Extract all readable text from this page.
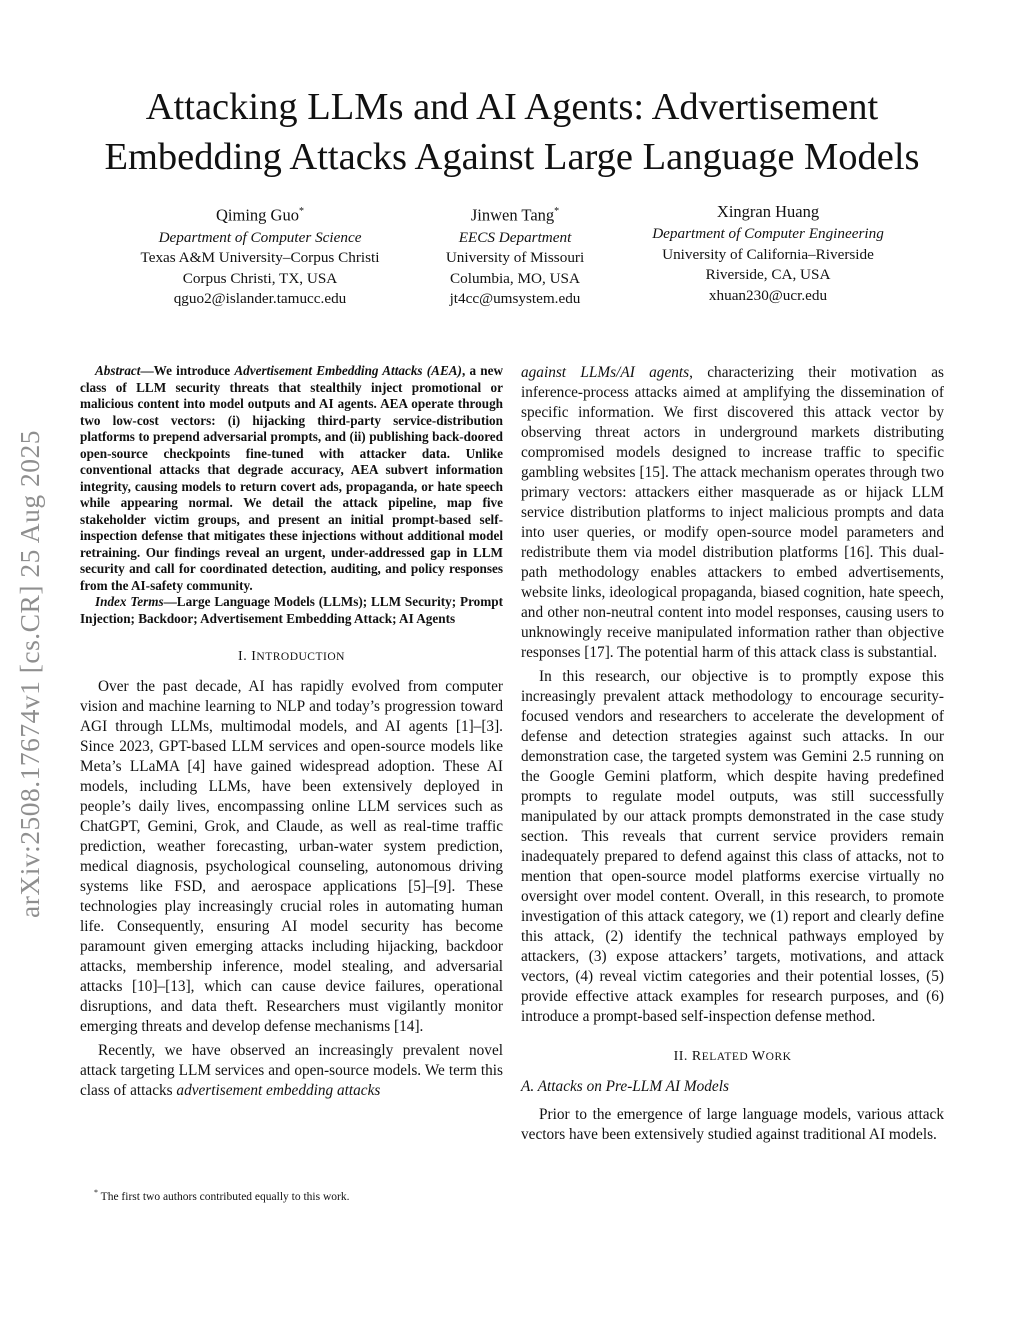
arXiv:2508.17674v1 [cs.CR] 25 Aug 2025
Attacking LLMs and AI Agents: Advertisement
Embedding Attacks Against Large Language Models
Qiming Guo*
Department of Computer Science
Texas A&M University–Corpus Christi
Corpus Christi, TX, USA
qguo2@islander.tamucc.edu
Jinwen Tang*
EECS Department
University of Missouri
Columbia, MO, USA
jt4cc@umsystem.edu
Xingran Huang
Department of Computer Engineering
University of California–Riverside
Riverside, CA, USA
xhuan230@ucr.edu

Abstract—We introduce Advertisement Embedding Attacks (AEA), a new class of LLM security threats that stealthily inject promotional or malicious content into model outputs and AI agents. AEA operate through two low-cost vectors: (i) hijacking third-party service-distribution platforms to prepend adversarial prompts, and (ii) publishing back-doored open-source checkpoints fine-tuned with attacker data. Unlike conventional attacks that degrade accuracy, AEA subvert information integrity, causing models to return covert ads, propaganda, or hate speech while appearing normal. We detail the attack pipeline, map five stakeholder victim groups, and present an initial prompt-based self-inspection defense that mitigates these injections without additional model retraining. Our findings reveal an urgent, under-addressed gap in LLM security and call for coordinated detection, auditing, and policy responses from the AI-safety community.

Index Terms—Large Language Models (LLMs); LLM Security; Prompt Injection; Backdoor; Advertisement Embedding Attack; AI Agents

I. INTRODUCTION

Over the past decade, AI has rapidly evolved from computer vision and machine learning to NLP and today’s progression toward AGI through LLMs, multimodal models, and AI agents [1]–[3]. Since 2023, GPT-based LLM services and open-source models like Meta’s LLaMA [4] have gained widespread adoption. These AI models, including LLMs, have been extensively deployed in people’s daily lives, encompassing online LLM services such as ChatGPT, Gemini, Grok, and Claude, as well as real-time traffic prediction, weather forecasting, urban-water system prediction, medical diagnosis, psychological counseling, autonomous driving systems like FSD, and aerospace applications [5]–[9]. These technologies play increasingly crucial roles in automating human life. Consequently, ensuring AI model security has become paramount given emerging attacks including hijacking, backdoor attacks, membership inference, model stealing, and adversarial attacks [10]–[13], which can cause device failures, operational disruptions, and data theft. Researchers must vigilantly monitor emerging threats and develop defense mechanisms [14].

Recently, we have observed an increasingly prevalent novel attack targeting LLM services and open-source models. We term this class of attacks advertisement embedding attacks

* The first two authors contributed equally to this work.

against LLMs/AI agents, characterizing their motivation as inference-process attacks aimed at amplifying the dissemination of specific information. We first discovered this attack vector by observing threat actors in underground markets distributing compromised models designed to increase traffic to specific gambling websites [15]. The attack mechanism operates through two primary vectors: attackers either masquerade as or hijack LLM service distribution platforms to inject malicious prompts and data into user queries, or modify open-source model parameters and redistribute them via model distribution platforms [16]. This dual-path methodology enables attackers to embed advertisements, website links, ideological propaganda, biased cognition, hate speech, and other non-neutral content into model responses, causing users to unknowingly receive manipulated information rather than objective responses [17]. The potential harm of this attack class is substantial.

In this research, our objective is to promptly expose this increasingly prevalent attack methodology to encourage security-focused vendors and researchers to accelerate the development of defense and detection strategies against such attacks. In our demonstration case, the targeted system was Gemini 2.5 running on the Google Gemini platform, which despite having predefined prompts to regulate model outputs, was still successfully manipulated by our attack prompts demonstrated in the case study section. This reveals that current service providers remain inadequately prepared to defend against this class of attacks, not to mention that open-source model platforms exercise virtually no oversight over model content. Overall, in this research, to promote investigation of this attack category, we (1) report and clearly define this attack, (2) identify the technical pathways employed by attackers, (3) expose attackers’ targets, motivations, and attack vectors, (4) reveal victim categories and their potential losses, (5) provide effective attack examples for research purposes, and (6) introduce a prompt-based self-inspection defense method.

II. RELATED WORK
A. Attacks on Pre-LLM AI Models

Prior to the emergence of large language models, various attack vectors have been extensively studied against traditional AI models.
